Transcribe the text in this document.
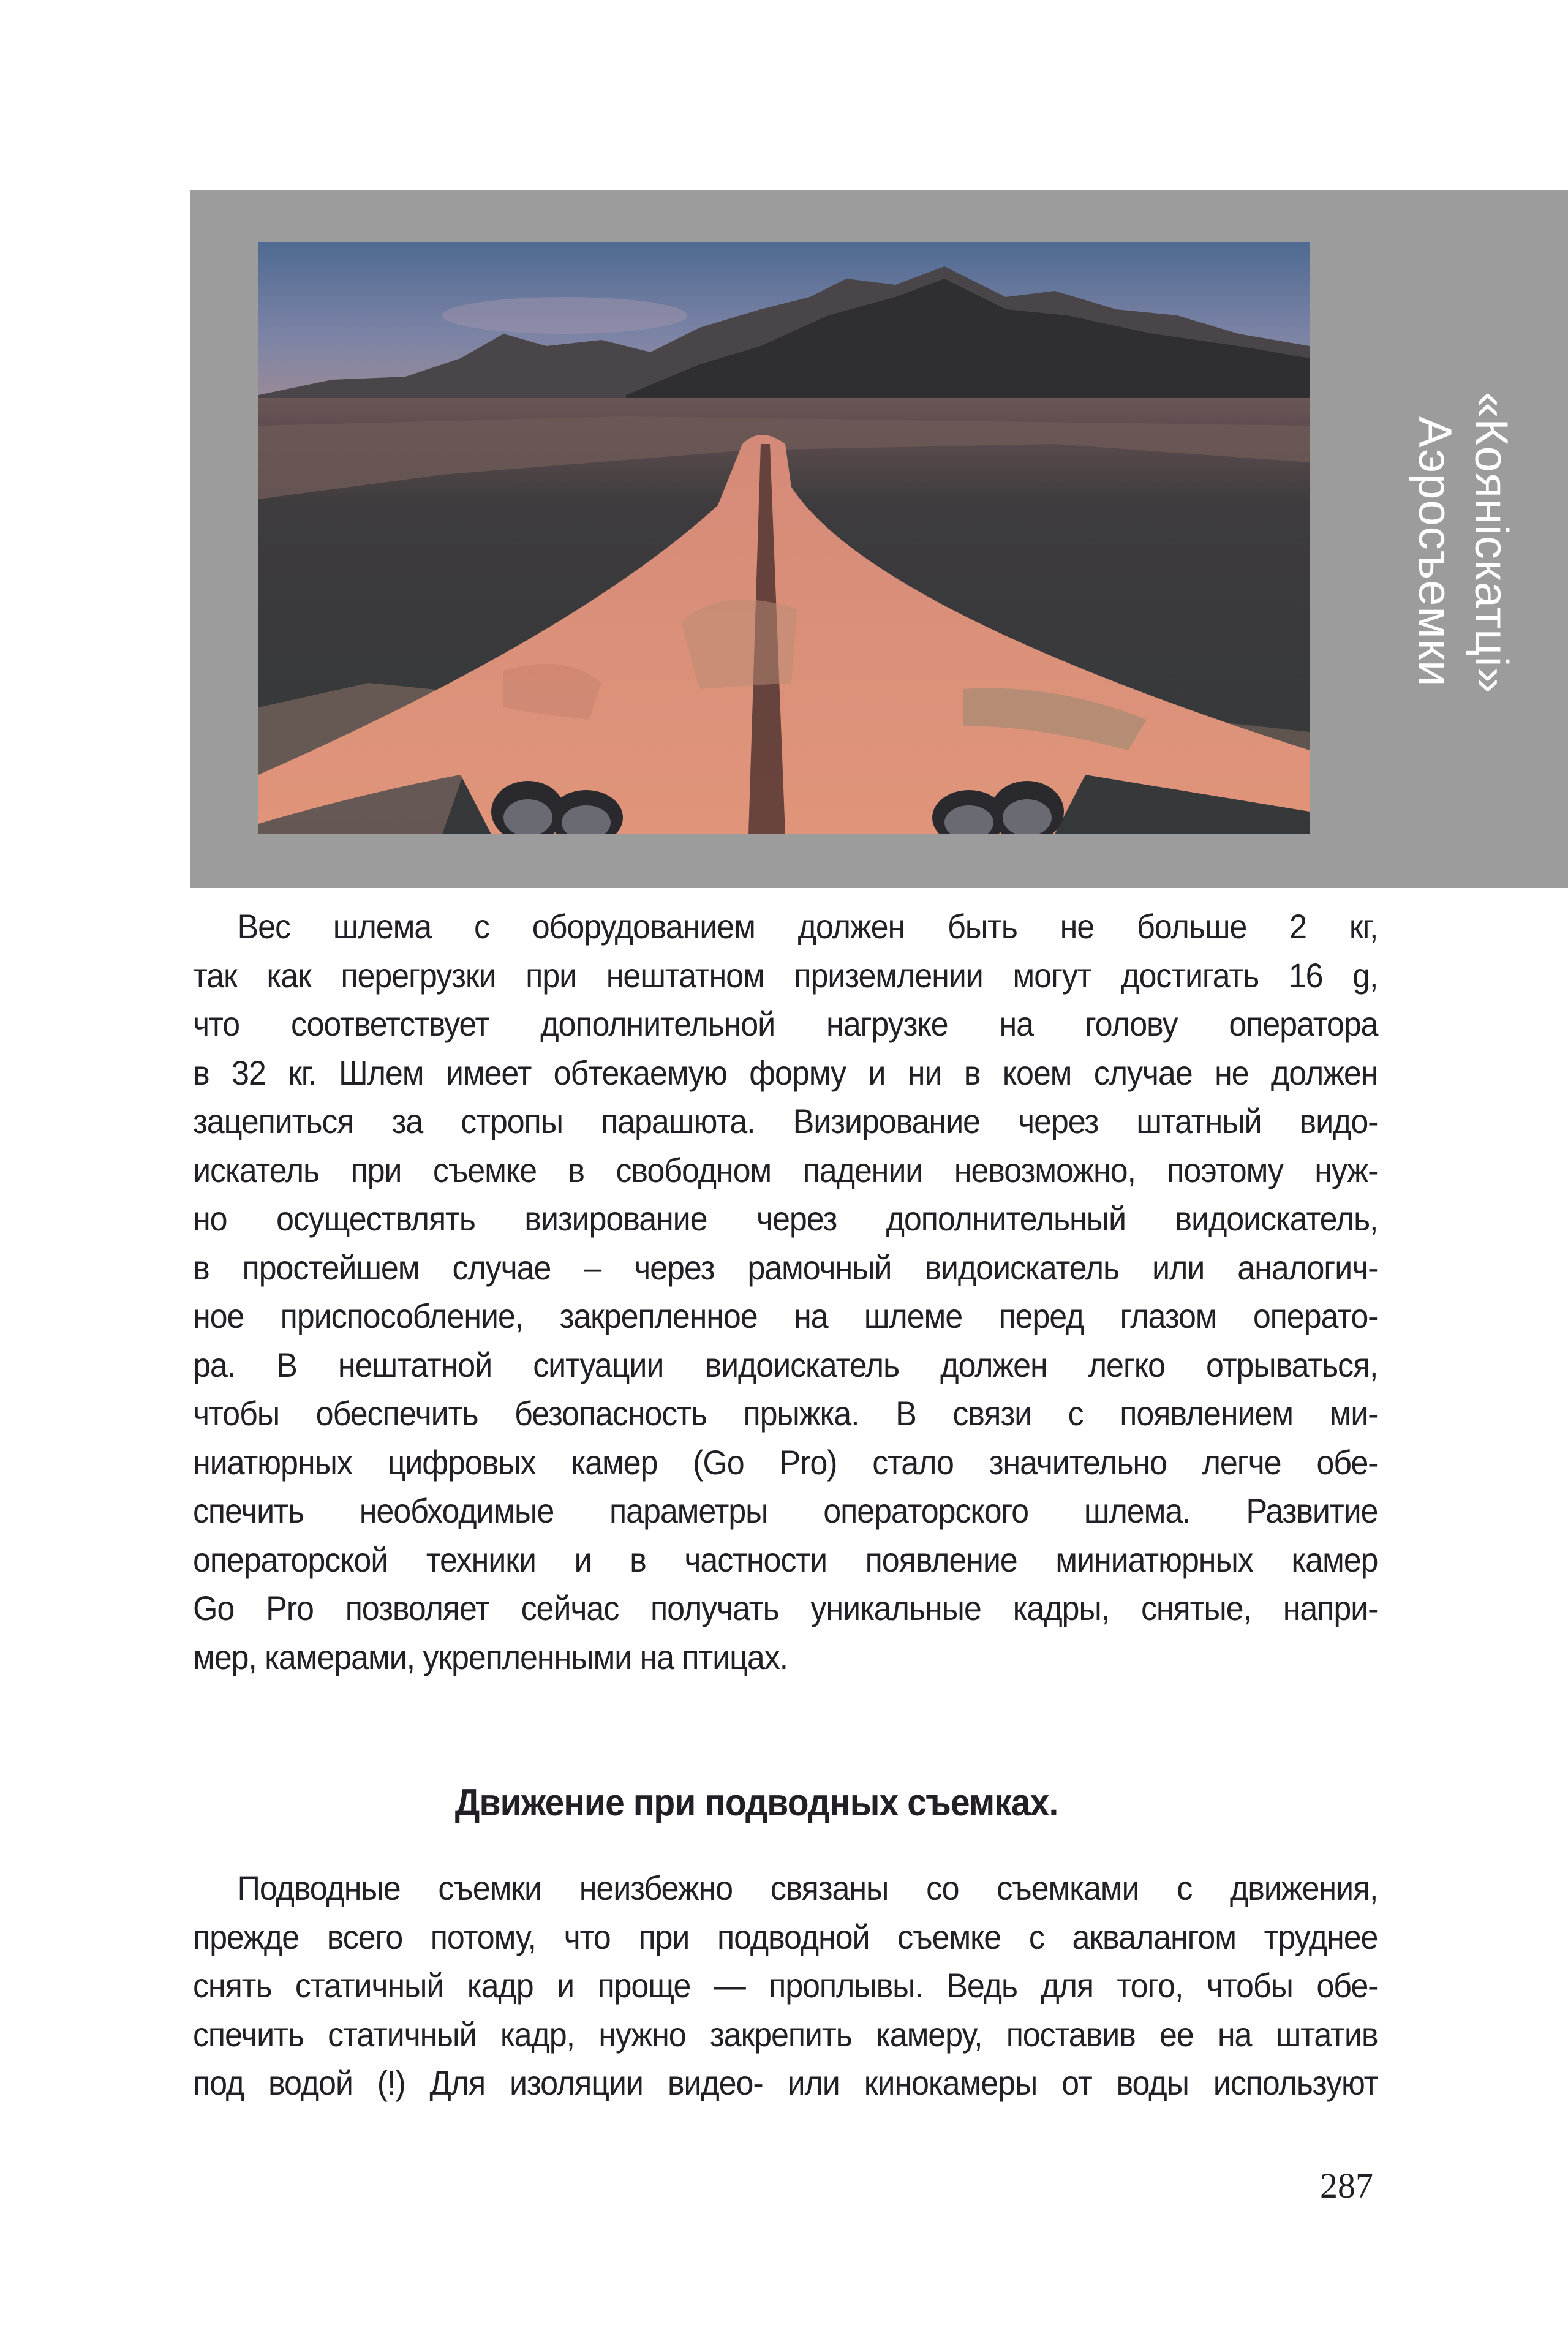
«Кояніскатці»
Аэросъемки
Вес шлема с оборудованием должен быть не больше 2 кг,
так как перегрузки при нештатном приземлении могут достигать 16 g,
что соответствует дополнительной нагрузке на голову оператора
в 32 кг. Шлем имеет обтекаемую форму и ни в коем случае не должен
зацепиться за стропы парашюта. Визирование через штатный видо-
искатель при съемке в свободном падении невозможно, поэтому нуж-
но осуществлять визирование через дополнительный видоискатель,
в простейшем случае – через рамочный видоискатель или аналогич-
ное приспособление, закрепленное на шлеме перед глазом операто-
ра. В нештатной ситуации видоискатель должен легко отрываться,
чтобы обеспечить безопасность прыжка. В связи с появлением ми-
ниатюрных цифровых камер (Go Pro) стало значительно легче обе-
спечить необходимые параметры операторского шлема. Развитие
операторской техники и в частности появление миниатюрных камер
Go Pro позволяет сейчас получать уникальные кадры, снятые, напри-
мер, камерами, укрепленными на птицах.
Движение при подводных съемках.
Подводные съемки неизбежно связаны со съемками с движения,
прежде всего потому, что при подводной съемке с аквалангом труднее
снять статичный кадр и проще — проплывы. Ведь для того, чтобы обе-
спечить статичный кадр, нужно закрепить камеру, поставив ее на штатив
под водой (!) Для изоляции видео- или кинокамеры от воды используют
287
